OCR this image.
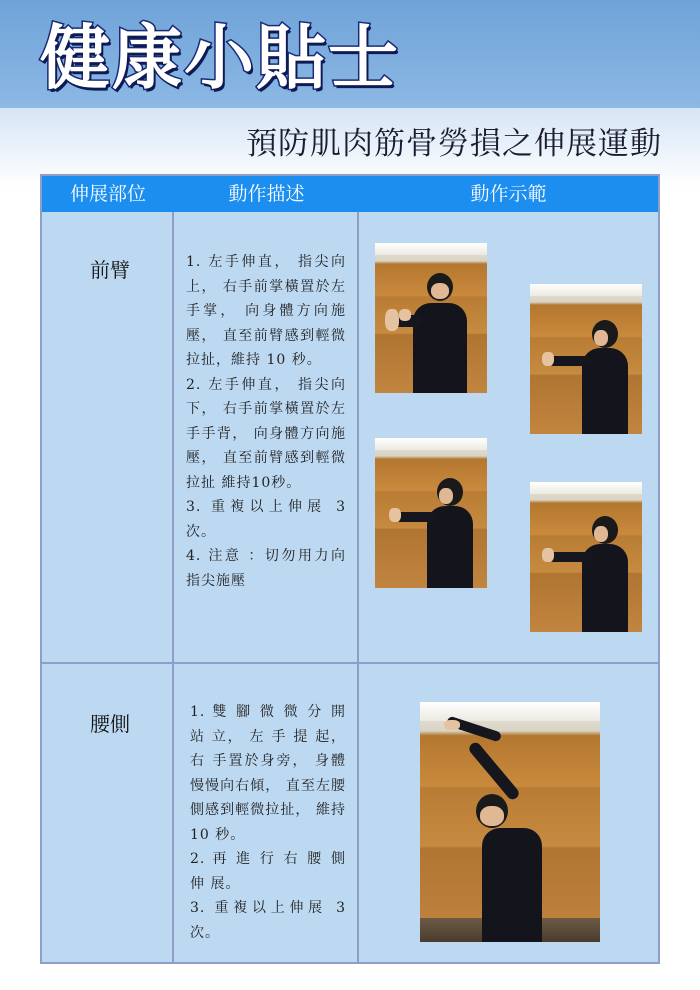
健康小貼士
預防肌肉筋骨勞損之伸展運動
伸展部位	動作描述	動作示範
前臂	1. 左手伸直， 指尖向上， 右手前掌橫置於左手掌， 向身體方向施壓， 直至前臂感到輕微拉扯，維持 10 秒。
2. 左手伸直， 指尖向下， 右手前掌橫置於左手手背， 向身體方向施壓， 直至前臂感到輕微拉扯 維持10秒。
3. 重複以上伸展 3 次。
4. 注意 ：切勿用力向指尖施壓
腰側	1. 雙 腳 微 微 分 開 站 立， 左 手 提 起， 右 手置於身旁， 身體慢慢向右傾， 直至左腰側感到輕微拉扯， 維持 10 秒。
2. 再 進 行 右 腰 側 伸 展。
3. 重複以上伸展 3 次。
